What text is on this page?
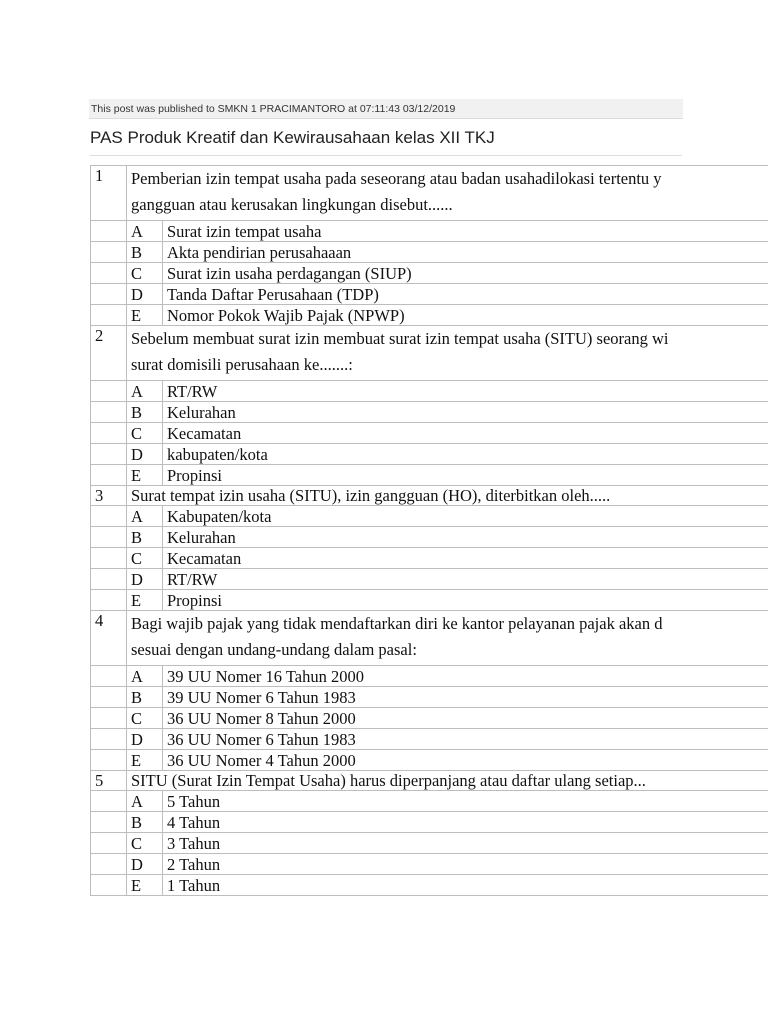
This post was published to SMKN 1 PRACIMANTORO at 07:11:43 03/12/2019
PAS Produk Kreatif dan Kewirausahaan kelas XII TKJ
1	Pemberian izin tempat usaha pada seseorang atau badan usahadilokasi tertentu y
gangguan atau kerusakan lingkungan disebut......	

	A	Surat izin tempat usaha
	B	Akta pendirian perusahaaan
	C	Surat izin usaha perdagangan (SIUP)
	D	Tanda Daftar Perusahaan (TDP)
	E	Nomor Pokok Wajib Pajak (NPWP)
2	Sebelum membuat surat izin membuat surat izin tempat usaha (SITU) seorang wi
surat domisili perusahaan ke.......:	

	A	RT/RW
	B	Kelurahan
	C	Kecamatan
	D	kabupaten/kota
	E	Propinsi
3	Surat tempat izin usaha (SITU), izin gangguan (HO), diterbitkan oleh.....	

	A	Kabupaten/kota
	B	Kelurahan
	C	Kecamatan
	D	RT/RW
	E	Propinsi
4	Bagi wajib pajak yang tidak mendaftarkan diri ke kantor pelayanan pajak akan d
sesuai dengan undang-undang dalam pasal:	

	A	39 UU Nomer 16 Tahun 2000
	B	39 UU Nomer 6 Tahun 1983
	C	36 UU Nomer 8 Tahun 2000
	D	36 UU Nomer 6 Tahun 1983
	E	36 UU Nomer 4 Tahun 2000
5	SITU (Surat Izin Tempat Usaha) harus diperpanjang atau daftar ulang setiap...	

	A	5 Tahun
	B	4 Tahun
	C	3 Tahun
	D	2 Tahun
	E	1 Tahun
